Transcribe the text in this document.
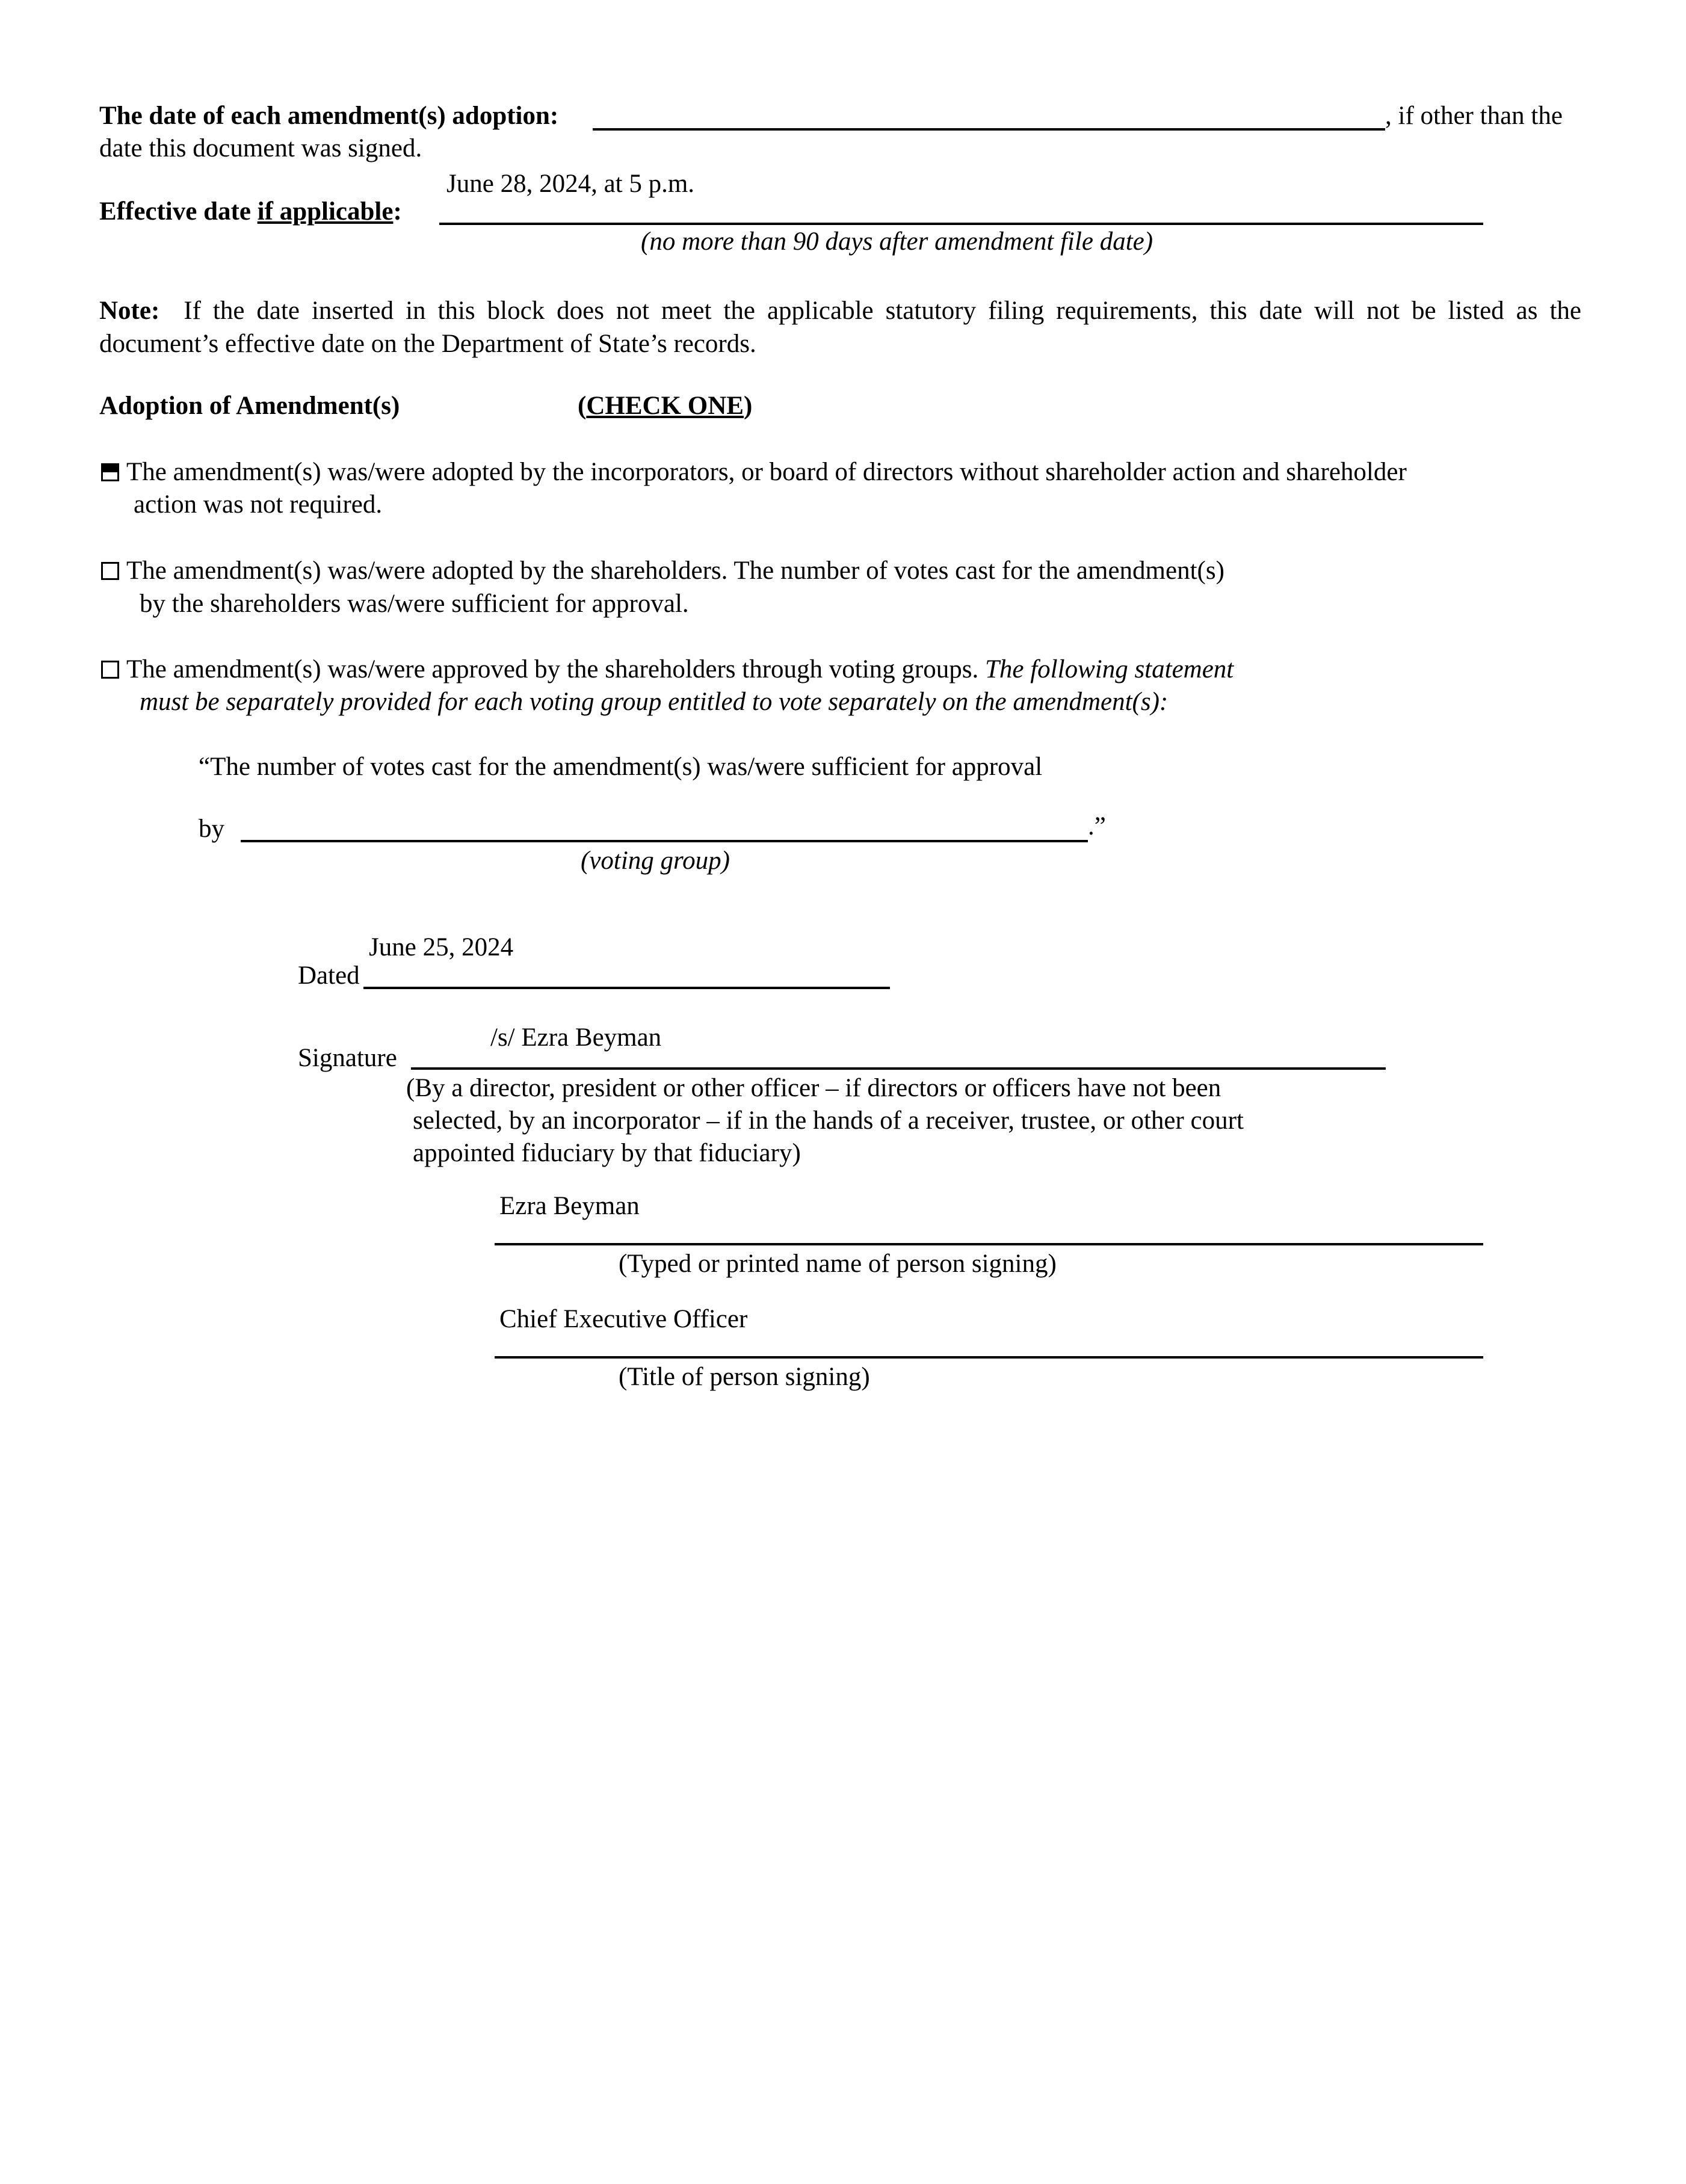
The date of each amendment(s) adoption:	, if other than the
date this document was signed.
June 28, 2024, at 5 p.m.
Effective date if applicable:
(no more than 90 days after amendment file date)
Note: If the date inserted in this block does not meet the applicable statutory filing requirements, this date will not be listed as the
document’s effective date on the Department of State’s records.
Adoption of Amendment(s)	(CHECK ONE)
The amendment(s) was/were adopted by the incorporators, or board of directors without shareholder action and shareholder
action was not required.
The amendment(s) was/were adopted by the shareholders. The number of votes cast for the amendment(s)
by the shareholders was/were sufficient for approval.
The amendment(s) was/were approved by the shareholders through voting groups. The following statement
must be separately provided for each voting group entitled to vote separately on the amendment(s):
“The number of votes cast for the amendment(s) was/were sufficient for approval
by	.”
(voting group)
June 25, 2024
Dated
/s/ Ezra Beyman
Signature
(By a director, president or other officer – if directors or officers have not been
selected, by an incorporator – if in the hands of a receiver, trustee, or other court
appointed fiduciary by that fiduciary)
Ezra Beyman
(Typed or printed name of person signing)
Chief Executive Officer
(Title of person signing)
